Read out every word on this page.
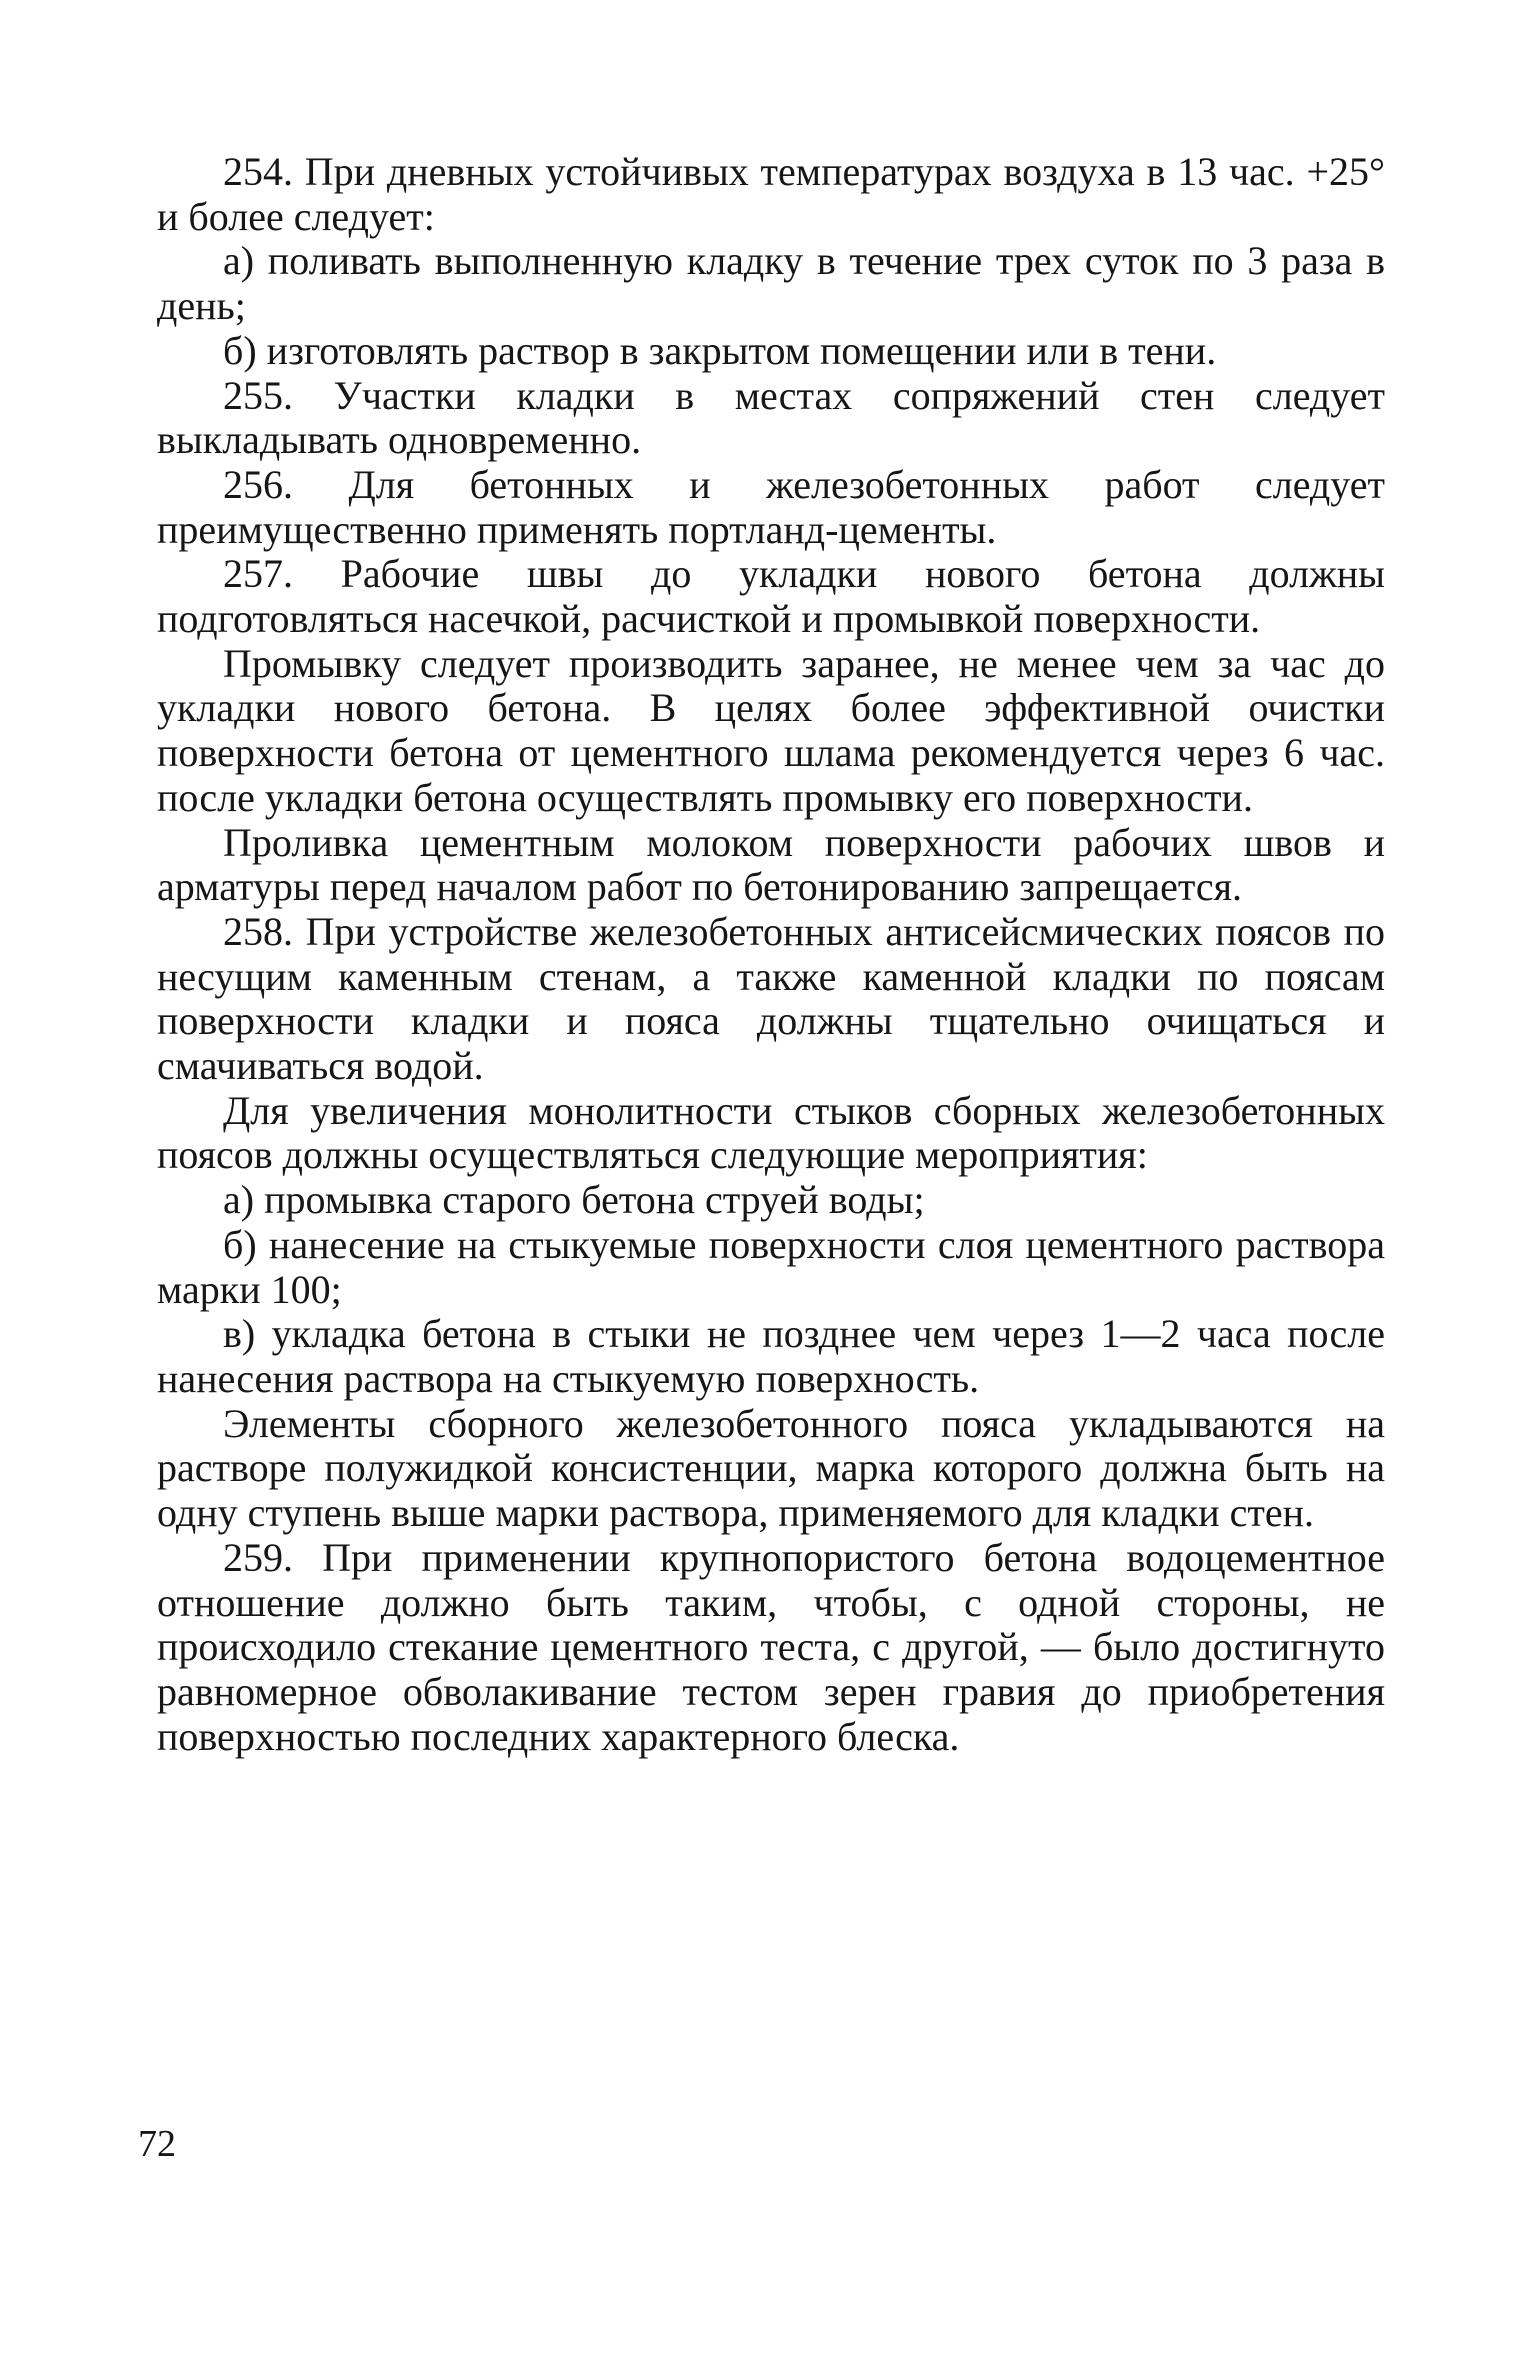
254. При дневных устойчивых температурах воздуха в 13 час. +25° и более следует:

а) поливать выполненную кладку в течение трех суток по 3 раза в день;

б) изготовлять раствор в закрытом помещении или в тени.

255. Участки кладки в местах сопряжений стен следует выкладывать одновременно.

256. Для бетонных и железобетонных работ следует преимущественно применять портланд-цементы.

257. Рабочие швы до укладки нового бетона должны подготовляться насечкой, расчисткой и промывкой поверхности.

Промывку следует производить заранее, не менее чем за час до укладки нового бетона. В целях более эффективной очистки поверхности бетона от цементного шлама рекомендуется через 6 час. после укладки бетона осуществлять промывку его поверхности.

Проливка цементным молоком поверхности рабочих швов и арматуры перед началом работ по бетонированию запрещается.

258. При устройстве железобетонных антисейсмических поясов по несущим каменным стенам, а также каменной кладки по поясам поверхности кладки и пояса должны тщательно очищаться и смачиваться водой.

Для увеличения монолитности стыков сборных железобетонных поясов должны осуществляться следующие мероприятия:

а) промывка старого бетона струей воды;

б) нанесение на стыкуемые поверхности слоя цементного раствора марки 100;

в) укладка бетона в стыки не позднее чем через 1—2 часа после нанесения раствора на стыкуемую поверхность.

Элементы сборного железобетонного пояса укладываются на растворе полужидкой консистенции, марка которого должна быть на одну ступень выше марки раствора, применяемого для кладки стен.

259. При применении крупнопористого бетона водоцементное отношение должно быть таким, чтобы, с одной стороны, не происходило стекание цементного теста, с другой, — было достигнуто равномерное обволакивание тестом зерен гравия до приобретения поверхностью последних характерного блеска.

72
